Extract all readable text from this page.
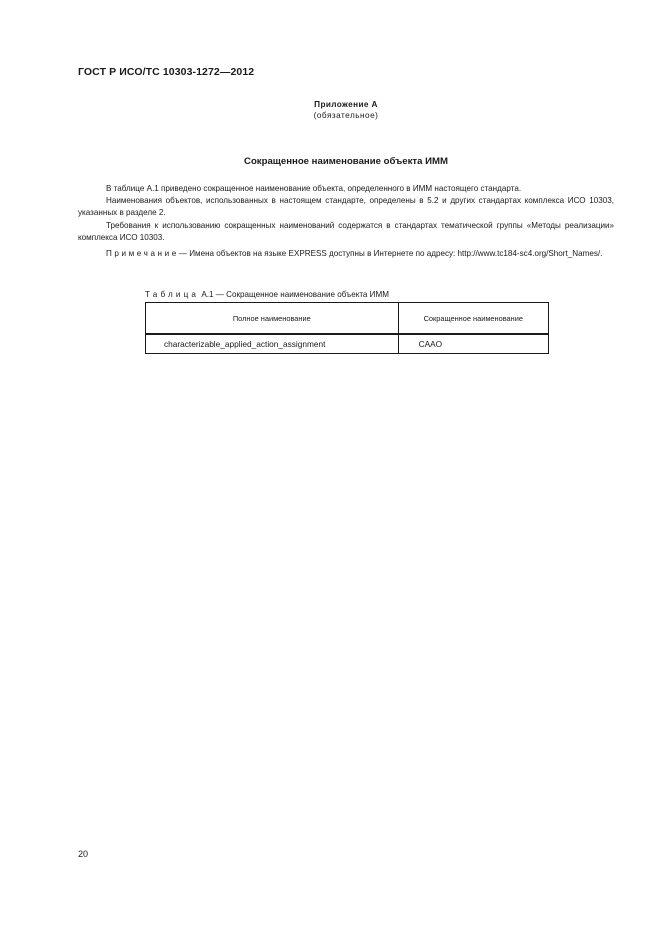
ГОСТ Р ИСО/ТС 10303-1272—2012
Приложение А
(обязательное)
Сокращенное наименование объекта ИММ

В таблице А.1 приведено сокращенное наименование объекта, определенного в ИММ настоящего стандарта.

Наименования объектов, использованных в настоящем стандарте, определены в 5.2 и других стандартах комплекса ИСО 10303, указанных в разделе 2.

Требования к использованию сокращенных наименований содержатся в стандартах тематической группы «Методы реализации» комплекса ИСО 10303.

Примечание— Имена объектов на языке EXPRESS доступны в Интернете по адресу: http://www.tc184-sc4.org/Short_Names/.

Таблица А.1 — Сокращенное наименование объекта ИММ
Полное наименование	Сокращенное наименование
characterizable_applied_action_assignment	CAAO
20
